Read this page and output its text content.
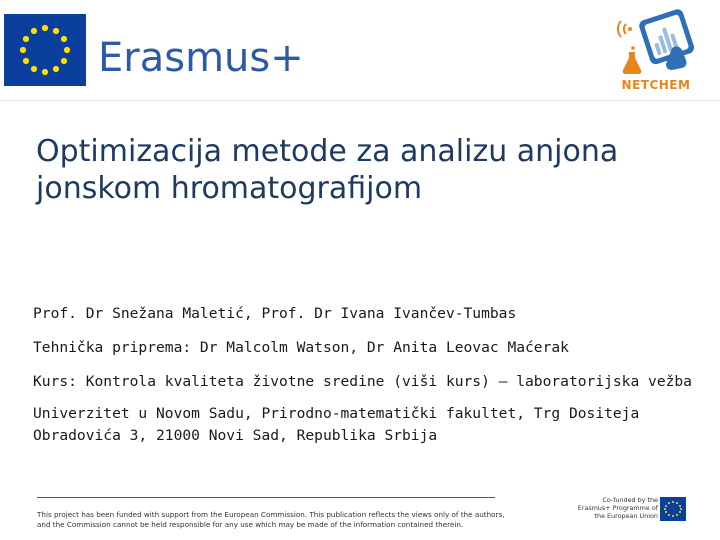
Erasmus+
NETCHEM
Optimizacija metode za analizu anjona jonskom hromatografijom
Prof. Dr Snežana Maletić, Prof. Dr Ivana Ivančev-Tumbas
Tehnička priprema: Dr Malcolm Watson, Dr Anita Leovac Maćerak
Kurs: Kontrola kvaliteta životne sredine (viši kurs) – laboratorijska vežba
Univerzitet u Novom Sadu, Prirodno-matematički fakultet, Trg Dositeja Obradovića 3, 21000 Novi Sad, Republika Srbija
This project has been funded with support from the European Commission. This publication reflects the views only of the authors, and the Commission cannot be held responsible for any use which may be made of the information contained therein.
Co-funded by the Erasmus+ Programme of the European Union
